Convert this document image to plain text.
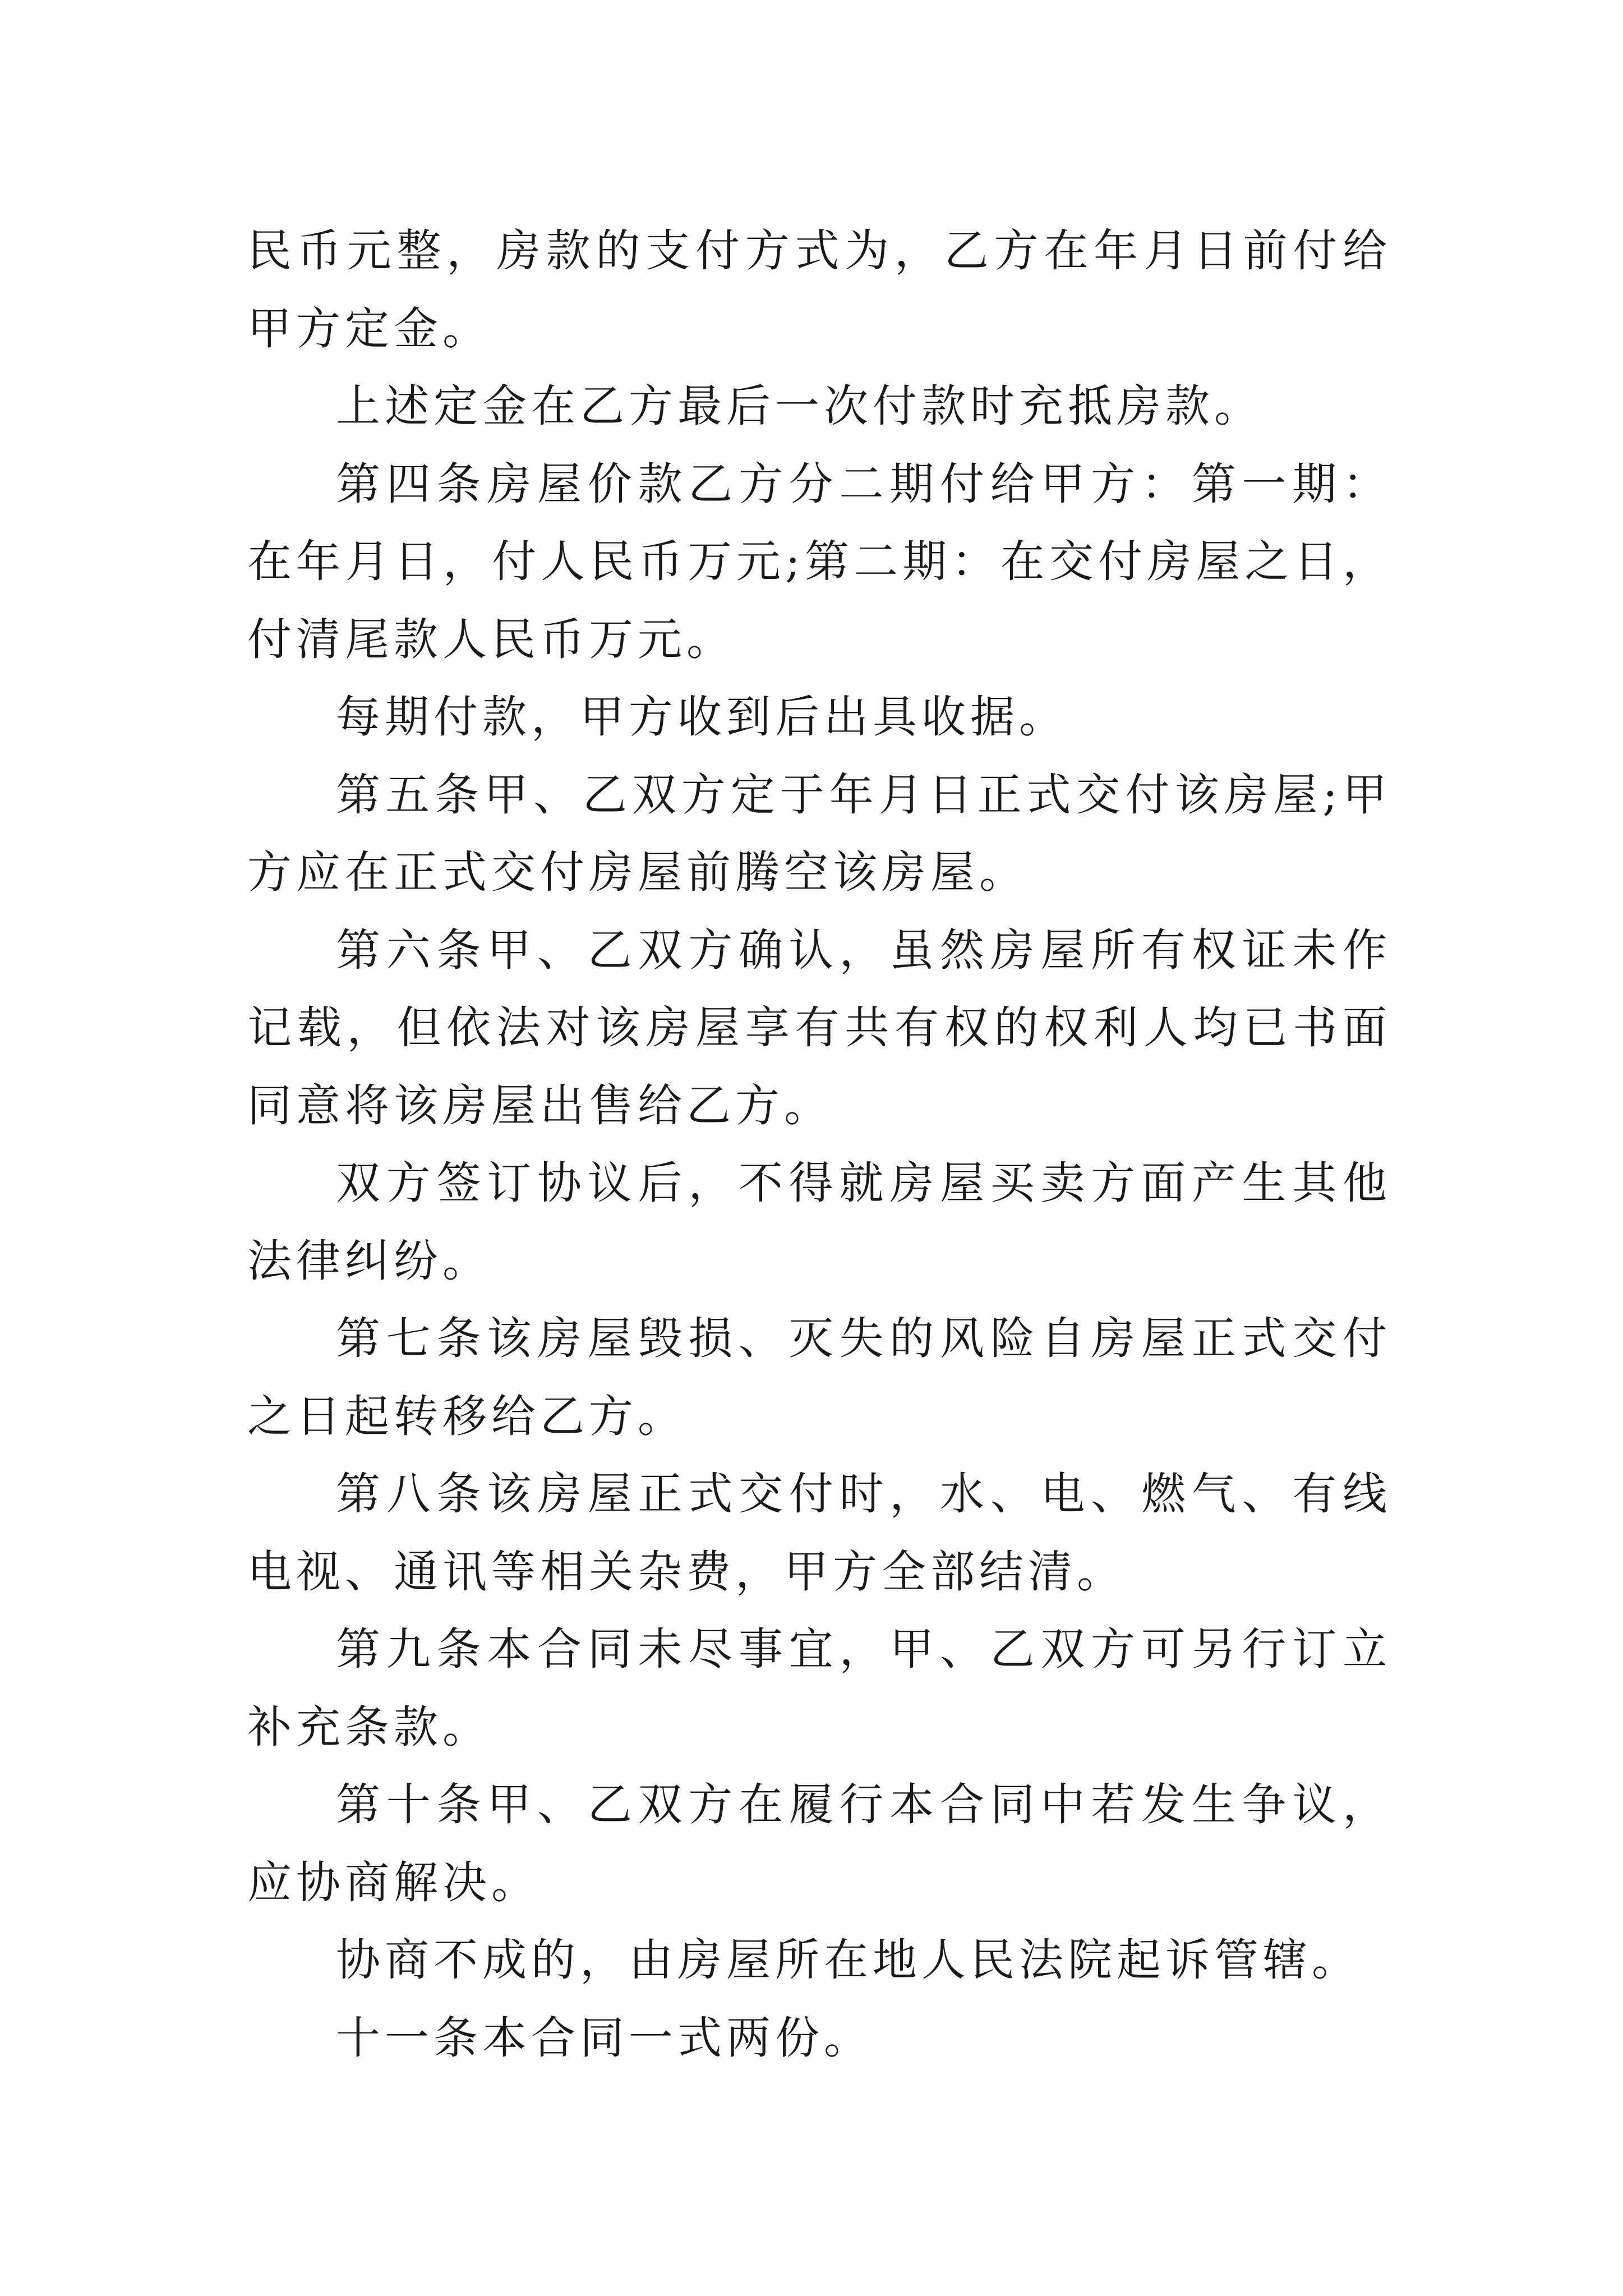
民币元整，房款的支付方式为，乙方在年月日前付给甲方定金。

上述定金在乙方最后一次付款时充抵房款。

第四条房屋价款乙方分二期付给甲方：第一期：在年月日，付人民币万元;第二期：在交付房屋之日，付清尾款人民币万元。

每期付款，甲方收到后出具收据。

第五条甲、乙双方定于年月日正式交付该房屋;甲方应在正式交付房屋前腾空该房屋。

第六条甲、乙双方确认，虽然房屋所有权证未作记载，但依法对该房屋享有共有权的权利人均已书面同意将该房屋出售给乙方。

双方签订协议后，不得就房屋买卖方面产生其他法律纠纷。

第七条该房屋毁损、灭失的风险自房屋正式交付之日起转移给乙方。

第八条该房屋正式交付时，水、电、燃气、有线电视、通讯等相关杂费，甲方全部结清。

第九条本合同未尽事宜，甲、乙双方可另行订立补充条款。

第十条甲、乙双方在履行本合同中若发生争议，应协商解决。

协商不成的，由房屋所在地人民法院起诉管辖。

十一条本合同一式两份。
